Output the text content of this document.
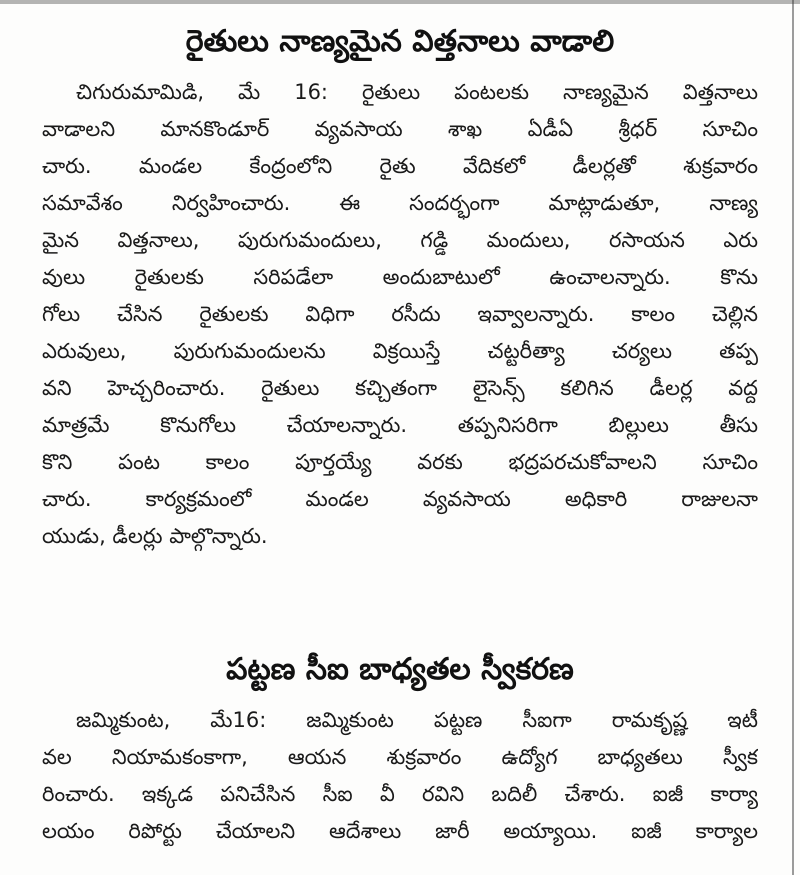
రైతులు నాణ్యమైన విత్తనాలు వాడాలి
చిగురుమామిడి, మే 16: రైతులు పంటలకు నాణ్యమైన విత్తనాలు
వాడాలని మానకొండూర్ వ్యవసాయ శాఖ ఏడీఏ శ్రీధర్ సూచిం
చారు. మండల కేంద్రంలోని రైతు వేదికలో డీలర్లతో శుక్రవారం
సమావేశం నిర్వహించారు. ఈ సందర్భంగా మాట్లాడుతూ, నాణ్య
మైన విత్తనాలు, పురుగుమందులు, గడ్డి మందులు, రసాయన ఎరు
వులు రైతులకు సరిపడేలా అందుబాటులో ఉంచాలన్నారు. కొను
గోలు చేసిన రైతులకు విధిగా రసీదు ఇవ్వాలన్నారు. కాలం చెల్లిన
ఎరువులు, పురుగుమందులను విక్రయిస్తే చట్టరీత్యా చర్యలు తప్ప
వని హెచ్చరించారు. రైతులు కచ్చితంగా లైసెన్స్ కలిగిన డీలర్ల వద్ద
మాత్రమే కొనుగోలు చేయాలన్నారు. తప్పనిసరిగా బిల్లులు తీసు
కొని పంట కాలం పూర్తయ్యే వరకు భద్రపరచుకోవాలని సూచిం
చారు. కార్యక్రమంలో మండల వ్యవసాయ అధికారి రాజులనా
యుడు, డీలర్లు పాల్గొన్నారు.
పట్టణ సీఐ బాధ్యతల స్వీకరణ
జమ్మికుంట, మే16: జమ్మికుంట పట్టణ సీఐగా రామకృష్ణ ఇటీ
వల నియామకంకాగా, ఆయన శుక్రవారం ఉద్యోగ బాధ్యతలు స్వీక
రించారు. ఇక్కడ పనిచేసిన సీఐ వీ రవిని బదిలీ చేశారు. ఐజీ కార్యా
లయం రిపోర్టు చేయాలని ఆదేశాలు జారీ అయ్యాయి. ఐజీ కార్యాల
